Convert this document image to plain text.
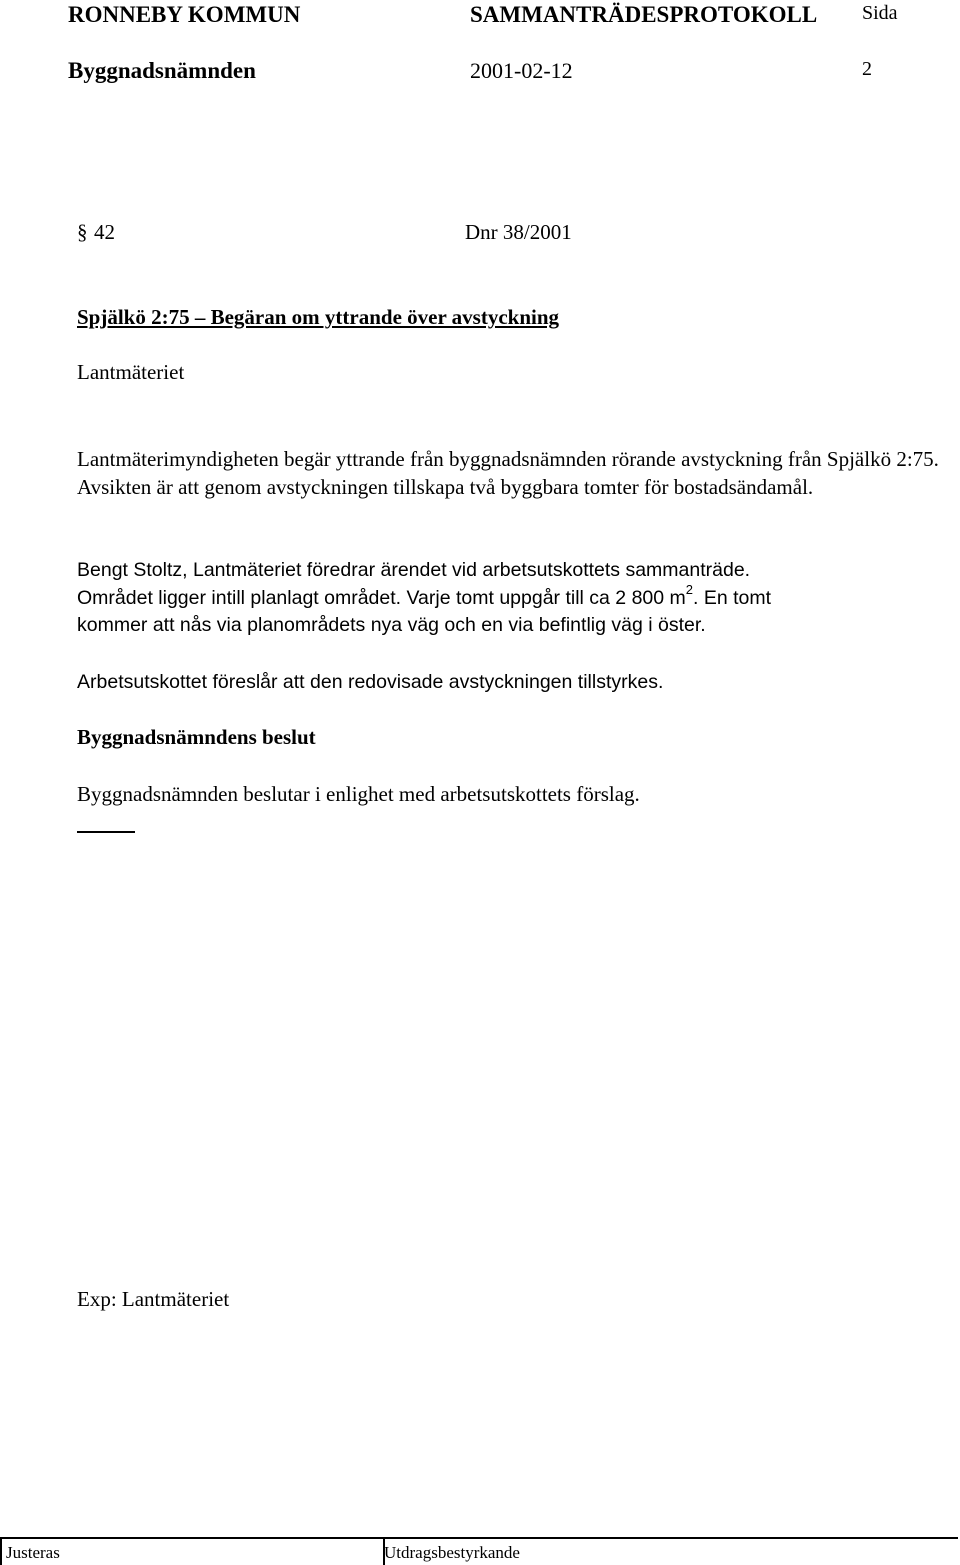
RONNEBY KOMMUN	SAMMANTRÄDESPROTOKOLL Sida
Byggnadsnämnden	2001-02-12	2
§ 42	Dnr 38/2001
Spjälkö 2:75 – Begäran om yttrande över avstyckning
Lantmäteriet

Lantmäterimyndigheten begär yttrande från byggnadsnämnden rörande avstyckning från Spjälkö 2:75. Avsikten är att genom avstyckningen tillskapa två byggbara tomter för bostadsändamål.

Bengt Stoltz, Lantmäteriet föredrar ärendet vid arbetsutskottets sammanträde.
Området ligger intill planlagt området. Varje tomt uppgår till ca 2 800 $m^2$. En tomt
kommer att nås via planområdets nya väg och en via befintlig väg i öster.
Arbetsutskottet föreslår att den redovisade avstyckningen tillstyrkes.
Byggnadsnämndens beslut
Byggnadsnämnden beslutar i enlighet med arbetsutskottets förslag.
Exp: Lantmäteriet
Justeras	Utdragsbestyrkande
